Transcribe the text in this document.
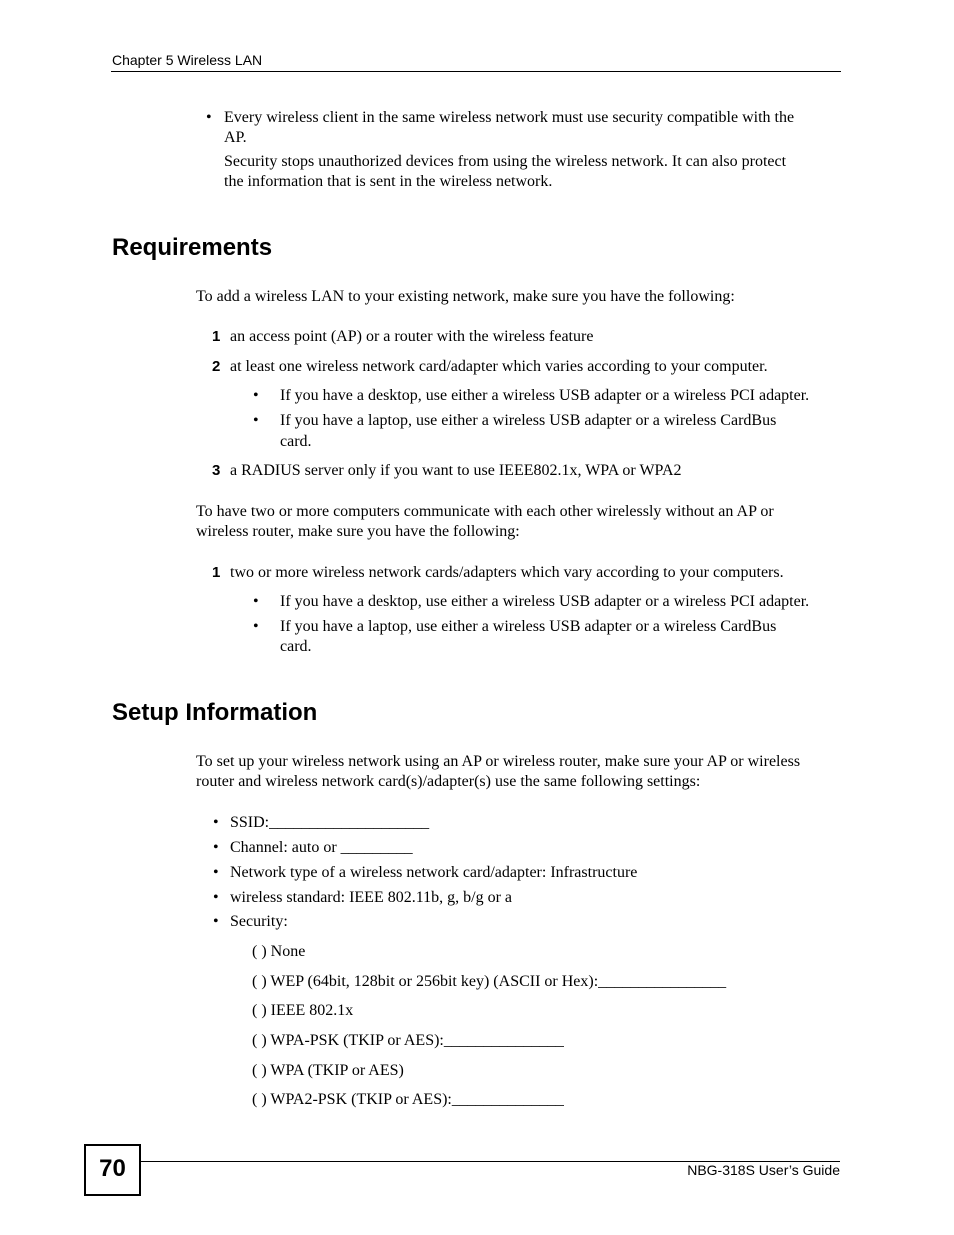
Chapter 5 Wireless LAN
• Every wireless client in the same wireless network must use security compatible with the
AP.
Security stops unauthorized devices from using the wireless network. It can also protect
the information that is sent in the wireless network.
Requirements
To add a wireless LAN to your existing network, make sure you have the following:
1 an access point (AP) or a router with the wireless feature
2 at least one wireless network card/adapter which varies according to your computer.
• If you have a desktop, use either a wireless USB adapter or a wireless PCI adapter.
• If you have a laptop, use either a wireless USB adapter or a wireless CardBus
card.
3 a RADIUS server only if you want to use IEEE802.1x, WPA or WPA2
To have two or more computers communicate with each other wirelessly without an AP or
wireless router, make sure you have the following:
1 two or more wireless network cards/adapters which vary according to your computers.
• If you have a desktop, use either a wireless USB adapter or a wireless PCI adapter.
• If you have a laptop, use either a wireless USB adapter or a wireless CardBus
card.
Setup Information
To set up your wireless network using an AP or wireless router, make sure your AP or wireless
router and wireless network card(s)/adapter(s) use the same following settings:
• SSID:____________________
• Channel: auto or _________
• Network type of a wireless network card/adapter: Infrastructure
• wireless standard: IEEE 802.11b, g, b/g or a
• Security:
( ) None
( ) WEP (64bit, 128bit or 256bit key) (ASCII or Hex):________________
( ) IEEE 802.1x
( ) WPA-PSK (TKIP or AES):_______________
( ) WPA (TKIP or AES)
( ) WPA2-PSK (TKIP or AES):______________
70	NBG-318S User’s Guide
